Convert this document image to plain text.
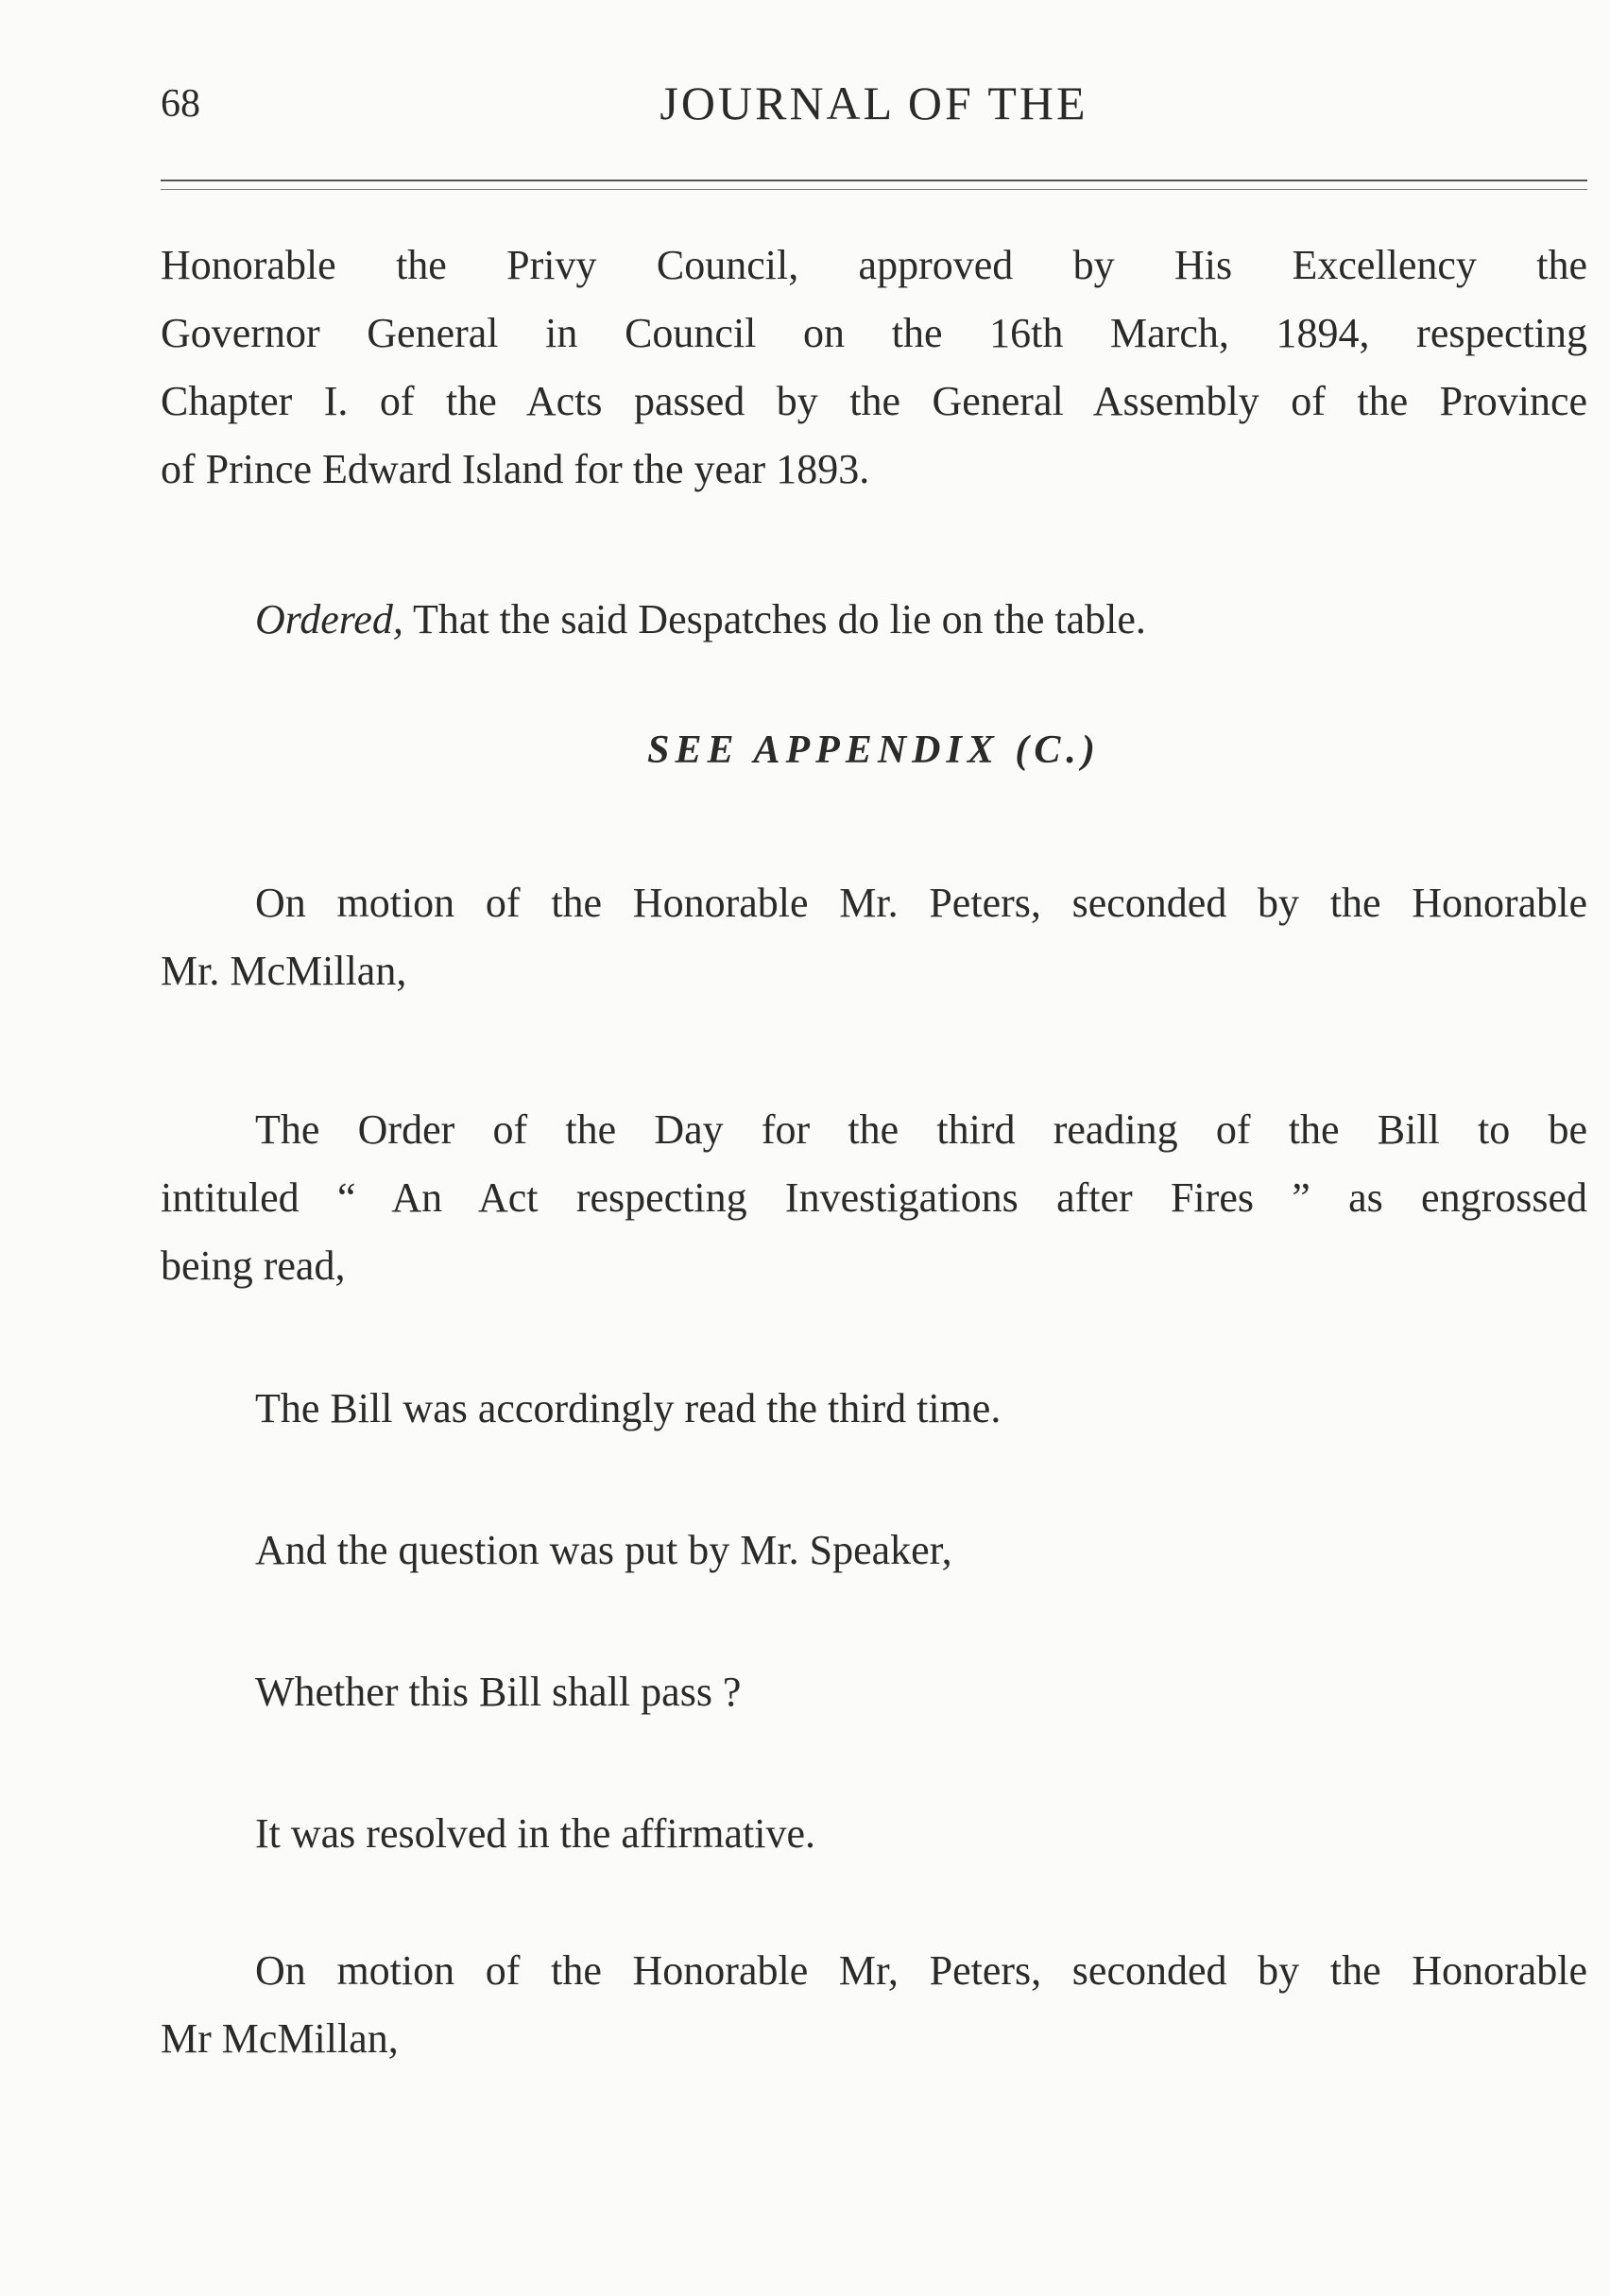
68	JOURNAL OF THE
Honorable the Privy Council, approved by His Excellency the
Governor General in Council on the 16th March, 1894, respecting
Chapter I. of the Acts passed by the General Assembly of the Province
of Prince Edward Island for the year 1893.
Ordered, That the said Despatches do lie on the table.
SEE APPENDIX (C.)
On motion of the Honorable Mr. Peters, seconded by the Honorable
Mr. McMillan,
The Order of the Day for the third reading of the Bill to be
intituled “ An Act respecting Investigations after Fires ” as engrossed
being read,
The Bill was accordingly read the third time.
And the question was put by Mr. Speaker,
Whether this Bill shall pass ?
It was resolved in the affirmative.
On motion of the Honorable Mr, Peters, seconded by the Honorable
Mr McMillan,
